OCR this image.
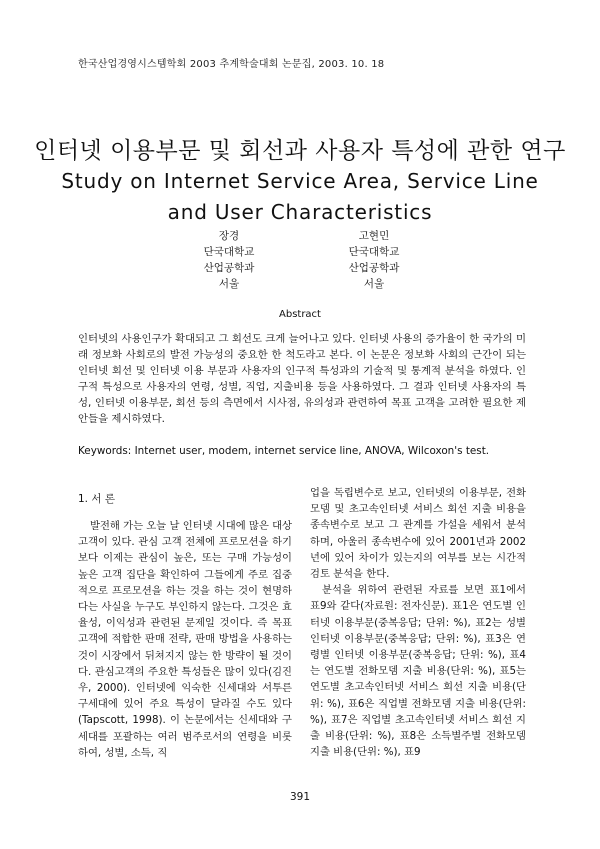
한국산업경영시스템학회 2003 추계학술대회 논문집, 2003. 10. 18
인터넷 이용부문 및 회선과 사용자 특성에 관한 연구
Study on Internet Service Area, Service Line and User Characteristics
장경
단국대학교
산업공학과
서울
고현민
단국대학교
산업공학과
서울
Abstract
인터넷의 사용인구가 확대되고 그 회선도 크게 늘어나고 있다. 인터넷 사용의 증가율이 한 국가의 미래 정보화 사회로의 발전 가능성의 중요한 한 척도라고 본다. 이 논문은 정보화 사회의 근간이 되는 인터넷 회선 및 인터넷 이용 부문과 사용자의 인구적 특성과의 기술적 및 통계적 분석을 하였다. 인구적 특성으로 사용자의 연령, 성별, 직업, 지출비용 등을 사용하였다. 그 결과 인터넷 사용자의 특성, 인터넷 이용부문, 회선 등의 측면에서 시사점, 유의성과 관련하여 목표 고객을 고려한 필요한 제안들을 제시하였다.
Keywords: Internet user, modem, internet service line, ANOVA, Wilcoxon's test.
1. 서 론

발전해 가는 오늘 날 인터넷 시대에 많은 대상 고객이 있다. 관심 고객 전체에 프로모션을 하기보다 이제는 관심이 높은, 또는 구매 가능성이 높은 고객 집단을 확인하여 그들에게 주로 집중적으로 프로모션을 하는 것을 하는 것이 현명하다는 사실을 누구도 부인하지 않는다. 그것은 효율성, 이익성과 관련된 문제일 것이다. 즉 목표 고객에 적합한 판매 전략, 판매 방법을 사용하는 것이 시장에서 뒤쳐지지 않는 한 방략이 될 것이다. 관심고객의 주요한 특성들은 많이 있다(김진우, 2000). 인터넷에 익숙한 신세대와 서투른 구세대에 있어 주요 특성이 달라질 수도 있다(Tapscott, 1998). 이 논문에서는 신세대와 구세대를 포괄하는 여러 범주로서의 연령을 비롯하여, 성별, 소득, 직

업을 독립변수로 보고, 인터넷의 이용부문, 전화모뎀 및 초고속인터넷 서비스 회선 지출 비용을 종속변수로 보고 그 관계를 가설을 세워서 분석하며, 아울러 종속변수에 있어 2001년과 2002년에 있어 차이가 있는지의 여부를 보는 시간적 검토 분석을 한다.

분석을 위하여 관련된 자료를 보면 표1에서 표9와 같다(자료원: 전자신문). 표1은 연도별 인터넷 이용부문(중복응답; 단위: %), 표2는 성별 인터넷 이용부문(중복응답; 단위: %), 표3은 연령별 인터넷 이용부문(중복응답; 단위: %), 표4는 연도별 전화모뎀 지출 비용(단위: %), 표5는 연도별 초고속인터넷 서비스 회선 지출 비용(단위: %), 표6은 직업별 전화모뎀 지출 비용(단위: %), 표7은 직업별 초고속인터넷 서비스 회선 지출 비용(단위: %), 표8은 소득별주별 전화모뎀 지출 비용(단위: %), 표9

391
